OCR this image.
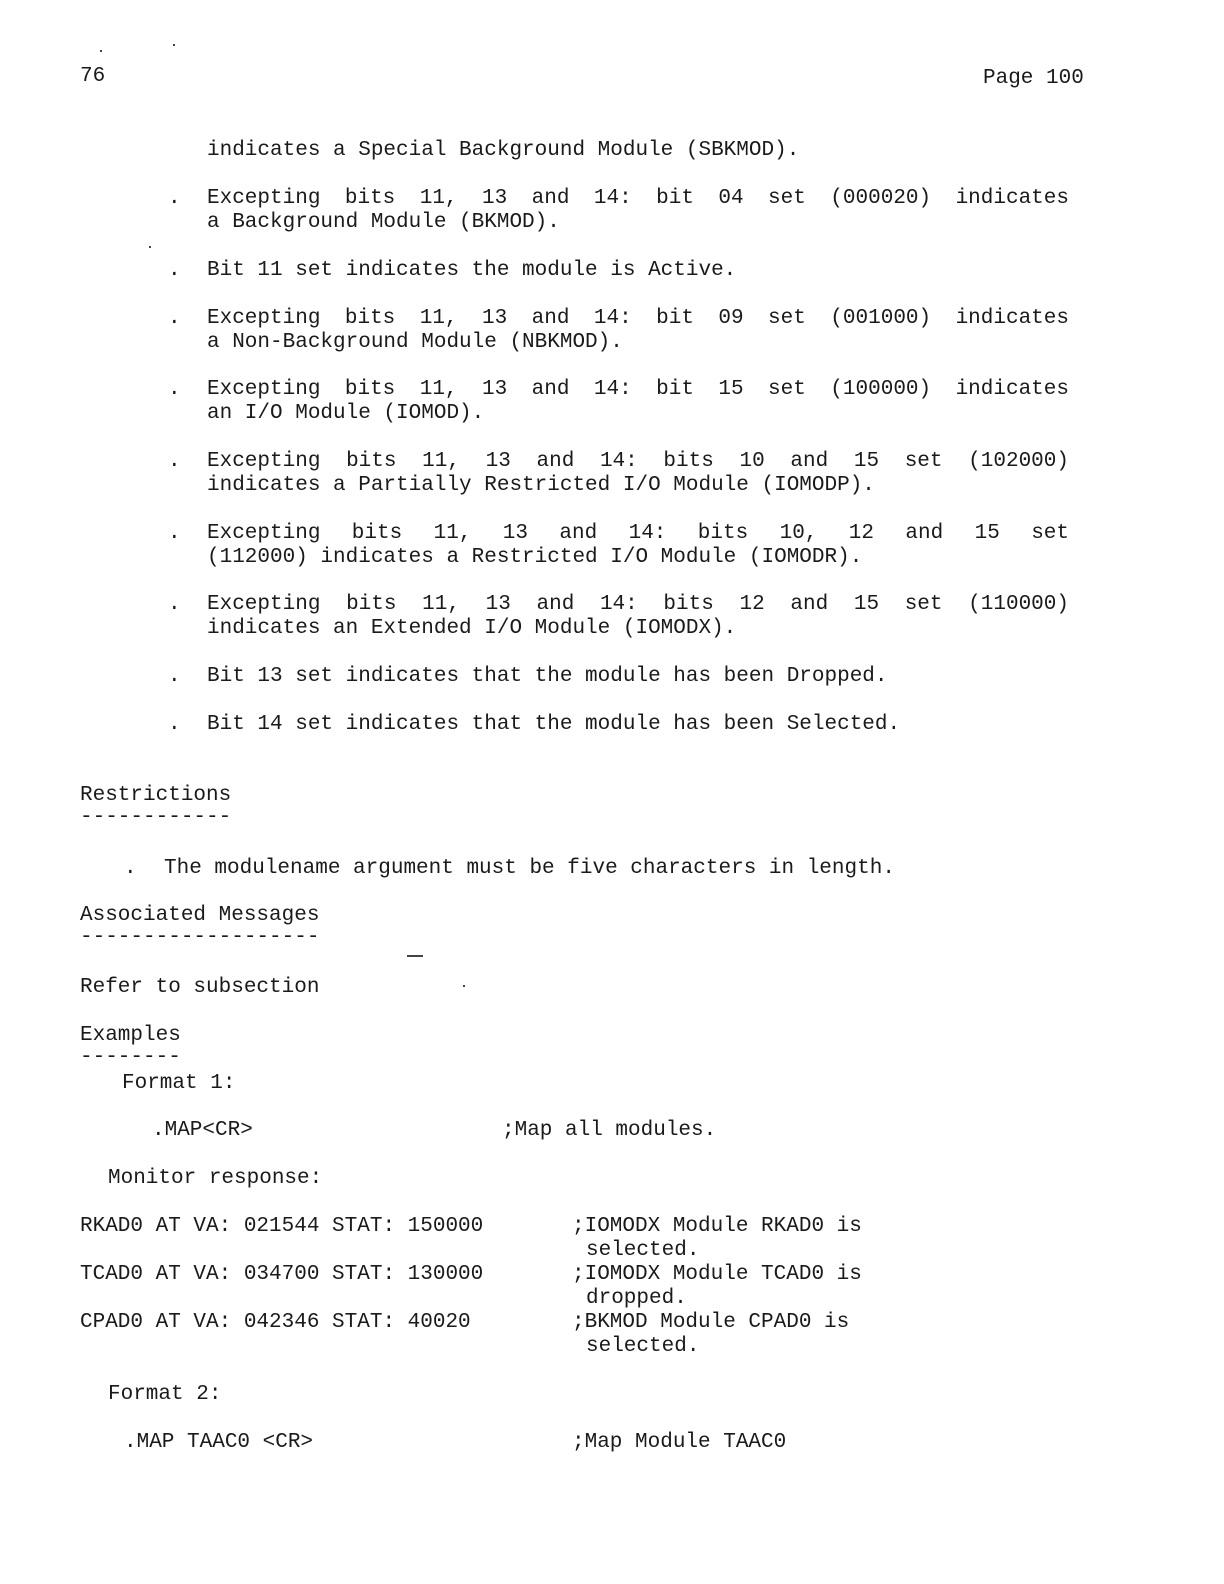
76	Page 100
indicates a Special Background Module (SBKMOD).
. Excepting bits 11, 13 and 14: bit 04 set (000020) indicates
a Background Module (BKMOD).
. Bit 11 set indicates the module is Active.
. Excepting bits 11, 13 and 14: bit 09 set (001000) indicates
a Non-Background Module (NBKMOD).
. Excepting bits 11, 13 and 14: bit 15 set (100000) indicates
an I/O Module (IOMOD).
. Excepting bits 11, 13 and 14: bits 10 and 15 set (102000)
indicates a Partially Restricted I/O Module (IOMODP).
. Excepting bits 11, 13 and 14: bits 10, 12 and 15 set
(112000) indicates a Restricted I/O Module (IOMODR).
. Excepting bits 11, 13 and 14: bits 12 and 15 set (110000)
indicates an Extended I/O Module (IOMODX).
. Bit 13 set indicates that the module has been Dropped.
. Bit 14 set indicates that the module has been Selected.
Restrictions
------------
. The modulename argument must be five characters in length.
Associated Messages
-------------------
Refer to subsection
Examples
--------
Format 1:
.MAP<CR>	;Map all modules.
Monitor response:
RKAD0 AT VA: 021544 STAT: 150000	;IOMODX Module RKAD0 is
selected.
TCAD0 AT VA: 034700 STAT: 130000	;IOMODX Module TCAD0 is
dropped.
CPAD0 AT VA: 042346 STAT: 40020	;BKMOD Module CPAD0 is
selected.
Format 2:
.MAP TAAC0 <CR>	;Map Module TAAC0
